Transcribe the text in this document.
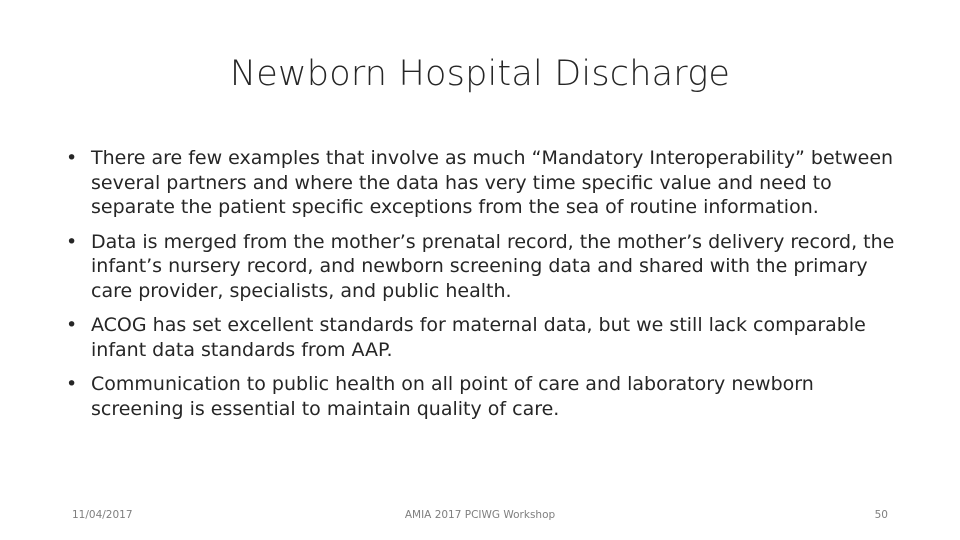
Newborn Hospital Discharge
• There are few examples that involve as much “Mandatory Interoperability” between several partners and where the data has very time specific value and need to separate the patient specific exceptions from the sea of routine information.
• Data is merged from the mother’s prenatal record, the mother’s delivery record, the infant’s nursery record, and newborn screening data and shared with the primary care provider, specialists, and public health.
• ACOG has set excellent standards for maternal data, but we still lack comparable infant data standards from AAP.
• Communication to public health on all point of care and laboratory newborn screening is essential to maintain quality of care.
11/04/2017	AMIA 2017 PCIWG Workshop	50
